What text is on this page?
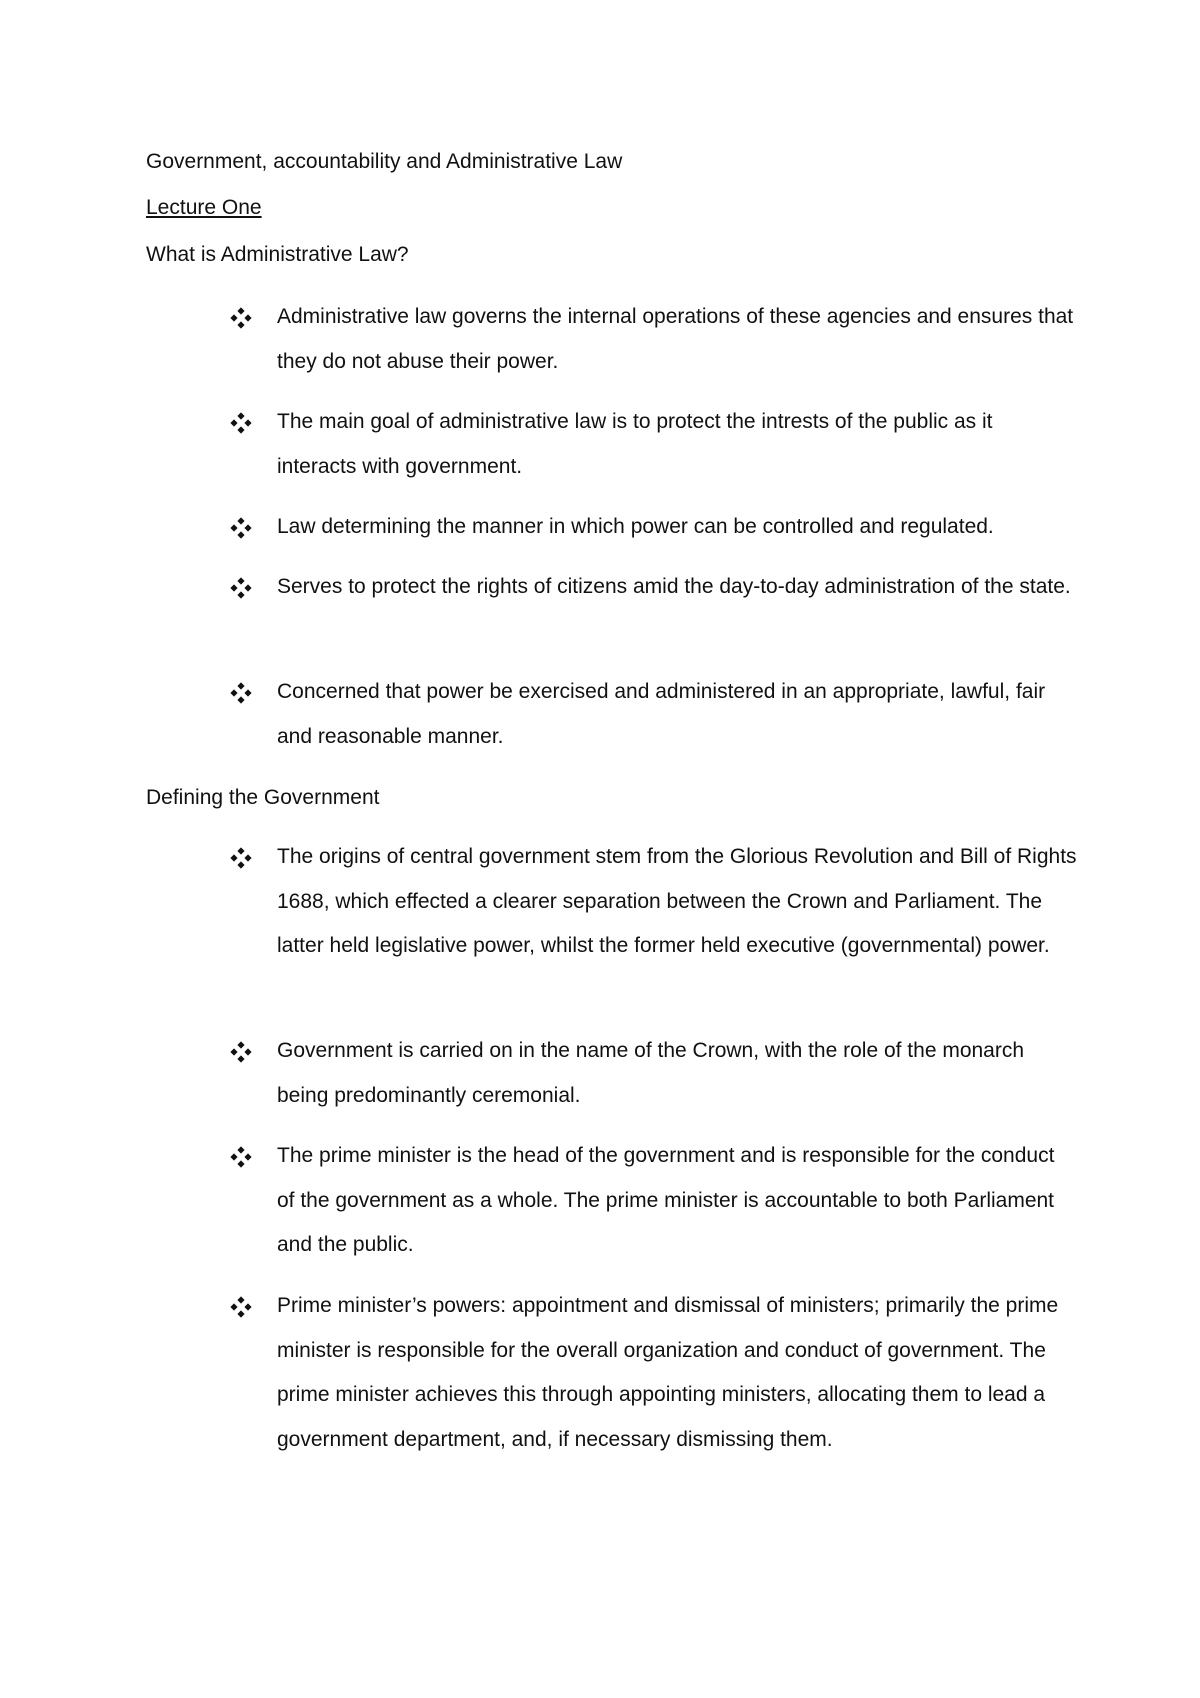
Government, accountability and Administrative Law
Lecture One
What is Administrative Law?
Administrative law governs the internal operations of these agencies and ensures that they do not abuse their power.
The main goal of administrative law is to protect the intrests of the public as it interacts with government.
Law determining the manner in which power can be controlled and regulated.
Serves to protect the rights of citizens amid the day-to-day administration of the state.
Concerned that power be exercised and administered in an appropriate, lawful, fair and reasonable manner.
Defining the Government
The origins of central government stem from the Glorious Revolution and Bill of Rights 1688, which effected a clearer separation between the Crown and Parliament. The latter held legislative power, whilst the former held executive (governmental) power.
Government is carried on in the name of the Crown, with the role of the monarch being predominantly ceremonial.
The prime minister is the head of the government and is responsible for the conduct of the government as a whole. The prime minister is accountable to both Parliament and the public.
Prime minister’s powers: appointment and dismissal of ministers; primarily the prime minister is responsible for the overall organization and conduct of government. The prime minister achieves this through appointing ministers, allocating them to lead a government department, and, if necessary dismissing them.
